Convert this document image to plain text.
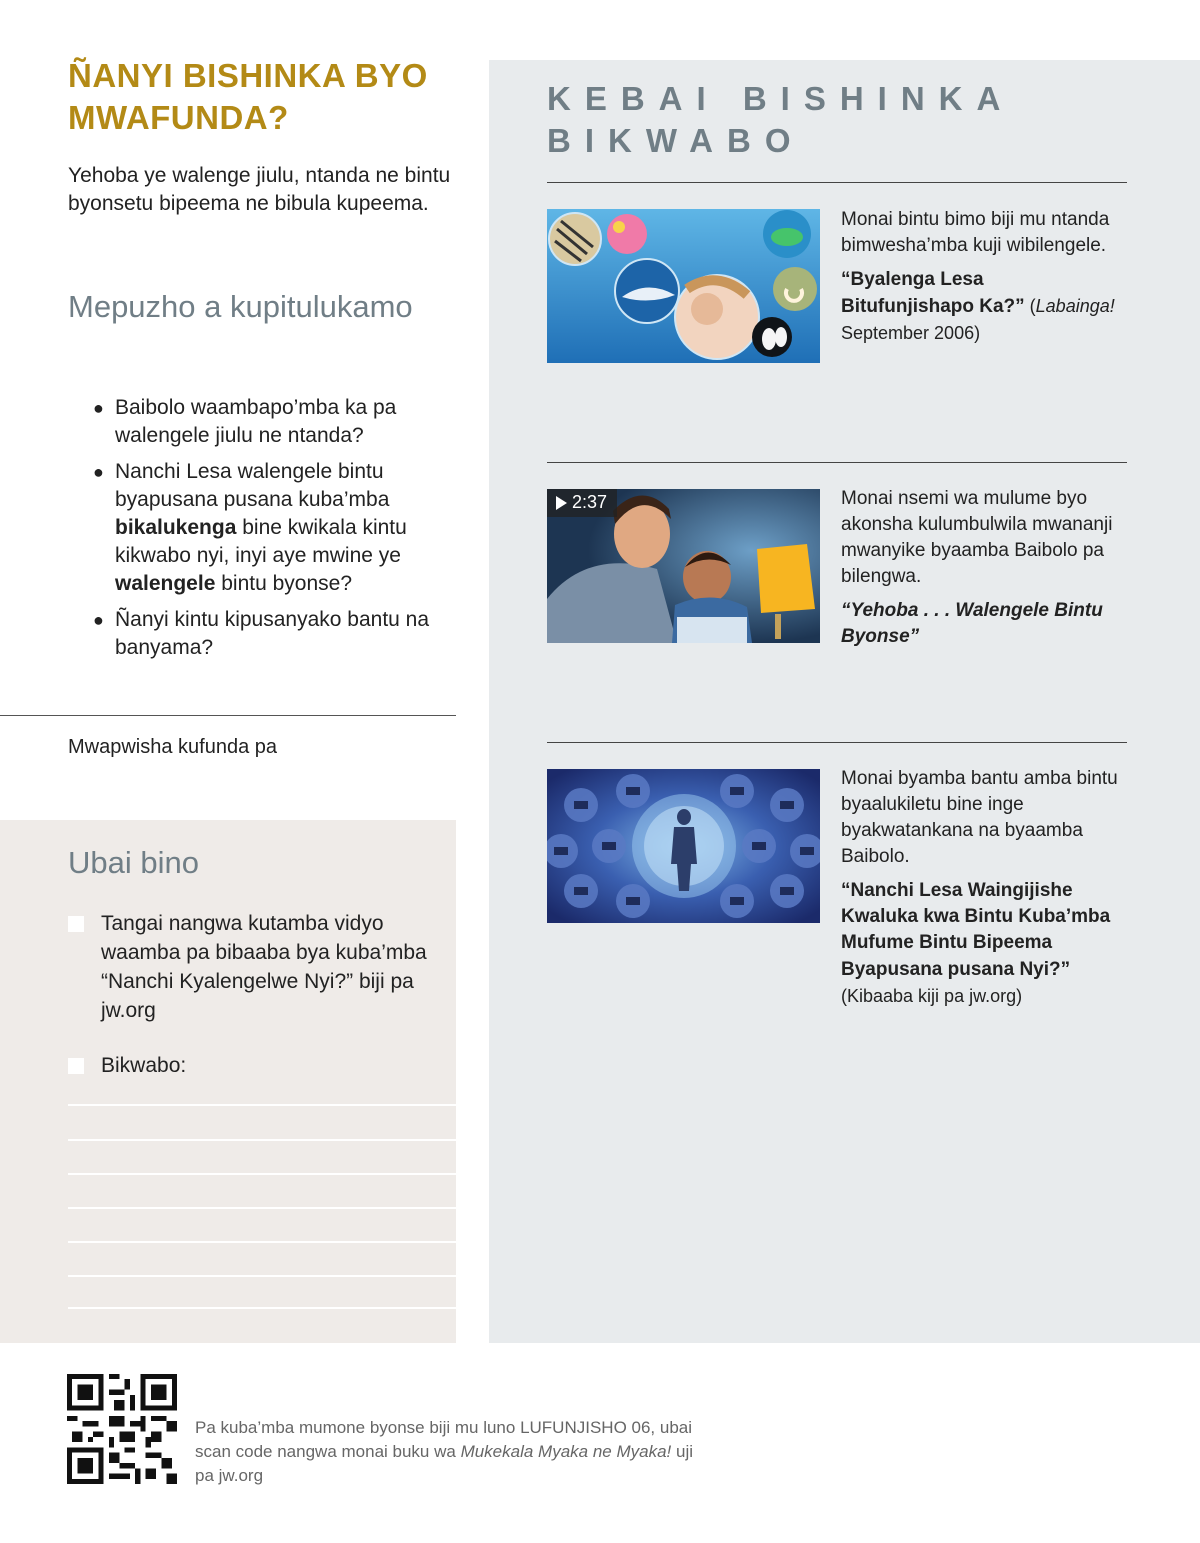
ÑANYI BISHINKA BYO MWAFUNDA?
Yehoba ye walenge jiulu, ntanda ne bintu byonsetu bipeema ne bibula kupeema.
Mepuzho a kupitulukamo
● Baibolo waambapo’mba ka pa walengele jiulu ne ntanda?
● Nanchi Lesa walengele bintu byapusana pusana kuba’mba bikalukenga bine kwikala kintu kikwabo nyi, inyi aye mwine ye walengele bintu byonse?
● Ñanyi kintu kipusanyako bantu na banyama?
Mwapwisha kufunda pa
Ubai bino
Tangai nangwa kutamba vidyo waamba pa bibaaba bya kuba’mba “Nanchi Kyalengelwe Nyi?” biji pa jw.org
Bikwabo:
KEBAI BISHINKA BIKWABO
Monai bintu bimo biji mu ntanda bimwesha’mba kuji wibilengele.
“Byalenga Lesa Bitufunjishapo Ka?” (Labainga! September 2006)
2:37	Monai nsemi wa mulume byo akonsha kulumbulwila mwananji mwanyike byaamba Baibolo pa bilengwa.
“Yehoba . . . Walengele Bintu Byonse”
Monai byamba bantu amba bintu byaalukiletu bine inge byakwatankana na byaamba Baibolo.
“Nanchi Lesa Waingijishe Kwaluka kwa Bintu Kuba’mba Mufume Bintu Bipeema Byapusana pusana Nyi?” (Kibaaba kiji pa jw.org)
Pa kuba’mba mumone byonse biji mu luno LUFUNJISHO 06, ubai scan code nangwa monai buku wa Mukekala Myaka ne Myaka! uji pa jw.org
